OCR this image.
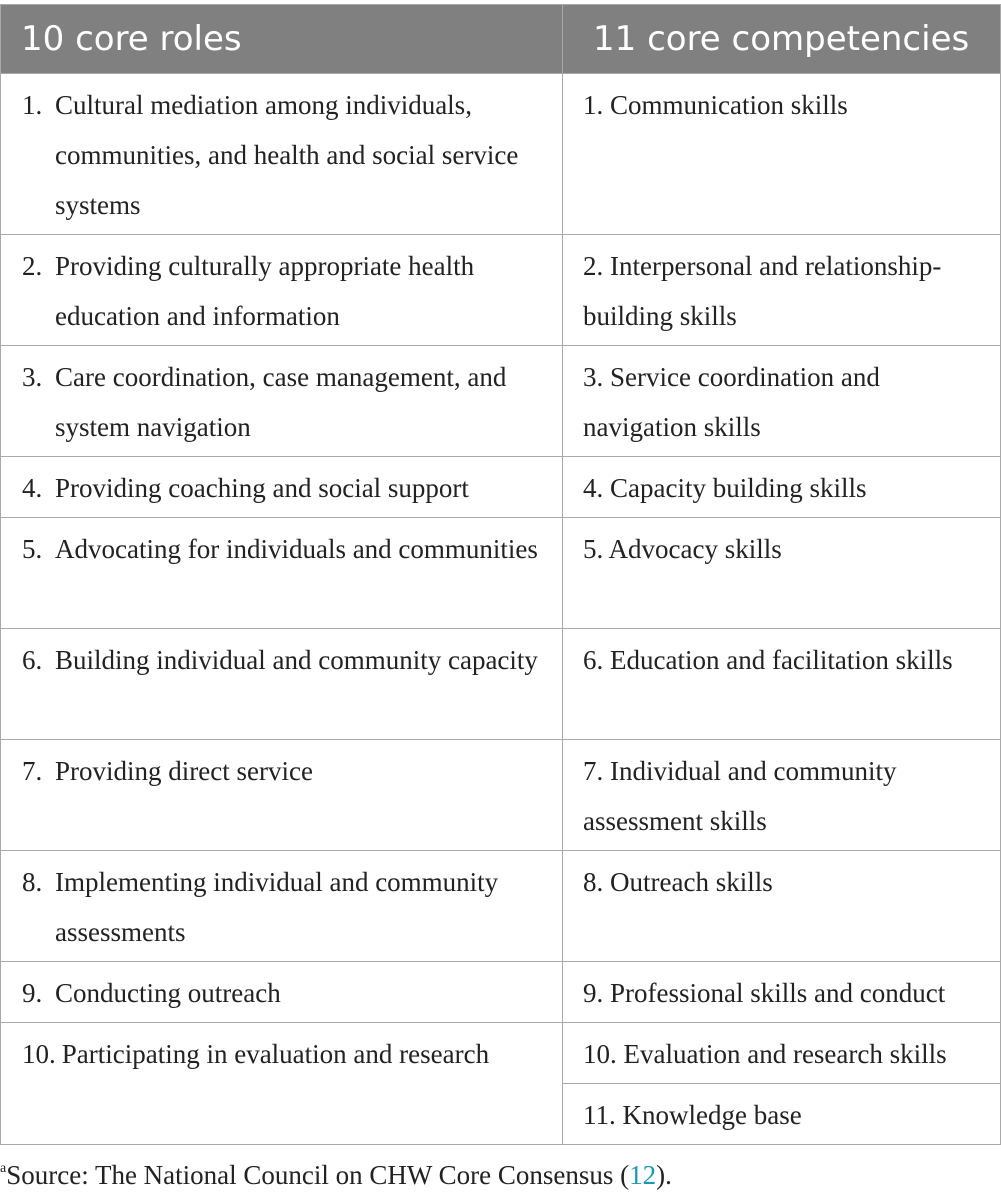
10 core roles	11 core competencies

1. Cultural mediation among individuals, communities, and health and social service systems	1. Communication skills

2. Providing culturally appropriate health education and information	2. Interpersonal and relationship-building skills

3. Care coordination, case management, and system navigation	3. Service coordination and navigation skills

4. Providing coaching and social support	4. Capacity building skills

5. Advocating for individuals and communities	5. Advocacy skills

6. Building individual and community capacity	6. Education and facilitation skills

7. Providing direct service	7. Individual and community assessment skills

8. Implementing individual and community assessments	8. Outreach skills

9. Conducting outreach	9. Professional skills and conduct
10. Participating in evaluation and research	10. Evaluation and research skills
	11. Knowledge base
$^a$Source: The National Council on CHW Core Consensus (12).
